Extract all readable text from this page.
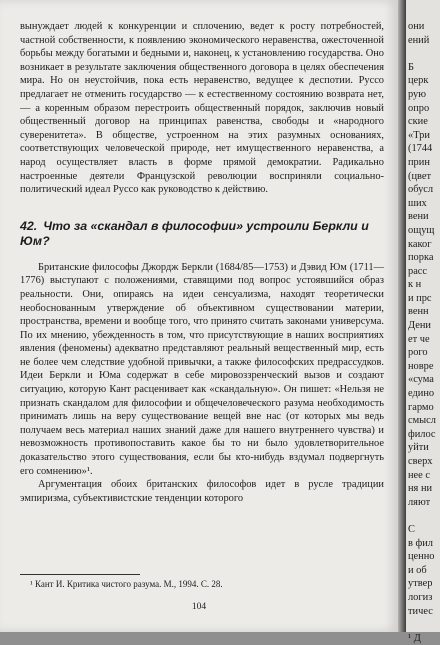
вынуждает людей к конкуренции и сплочению, ведет к росту потребностей, частной собственности, к появлению экономического неравенства, ожесточенной борьбы между богатыми и бедными и, наконец, к установлению государства. Оно возникает в результате заключения общественного договора в целях обеспечения мира. Но он неустойчив, пока есть неравенство, ведущее к деспотии. Руссо предлагает не отменить государство — к естественному состоянию возврата нет, — а коренным образом перестроить общественный порядок, заключив новый общественный договор на принципах равенства, свободы и «народного суверенитета». В обществе, устроенном на этих разумных основаниях, соответствующих человеческой природе, нет имущественного неравенства, а народ осуществляет власть в форме прямой демократии. Радикально настроенные деятели Французской революции восприняли социально-политический идеал Руссо как руководство к действию.

42. Что за «скандал в философии» устроили Беркли и Юм?

Британские философы Джордж Беркли (1684/85—1753) и Дэвид Юм (1711—1776) выступают с положениями, ставящими под вопрос устоявшийся образ реальности. Они, опираясь на идеи сенсуализма, находят теоретически необоснованным утверждение об объективном существовании материи, пространства, времени и вообще того, что принято считать законами универсума. По их мнению, убежденность в том, что присутствующие в наших восприятиях явления (феномены) адекватно представляют реальный вещественный мир, есть не более чем следствие удобной привычки, а также философских предрассудков. Идеи Беркли и Юма содержат в себе мировоззренческий вызов и создают ситуацию, которую Кант расценивает как «скандальную». Он пишет: «Нельзя не признать скандалом для философии и общечеловеческого разума необходимость принимать лишь на веру существование вещей вне нас (от которых мы ведь получаем весь материал наших знаний даже для нашего внутреннего чувства) и невозможность противопоставить какое бы то ни было удовлетворительное доказательство этого существования, если бы кто-нибудь вздумал подвергнуть его сомнению»¹.

Аргументация обоих британских философов идет в русле традиции эмпиризма, субъективистские тенденции которого

¹ Кант И. Критика чистого разума. М., 1994. С. 28.
104
они
ений
Б
церк
рую
опро
ские
«Три
(1744
прин
(цвет
обусл
ших
вени
ощущ
каког
порка
расс
к н
и прс
венн
Дени
ет че
рого
новре
«сума
едино
гармо
смысл
филос
уйти
сверх
нее с
ня ни
ляют
С
в фил
ценно
и об
утвер
логиз
тичес
¹ Д
